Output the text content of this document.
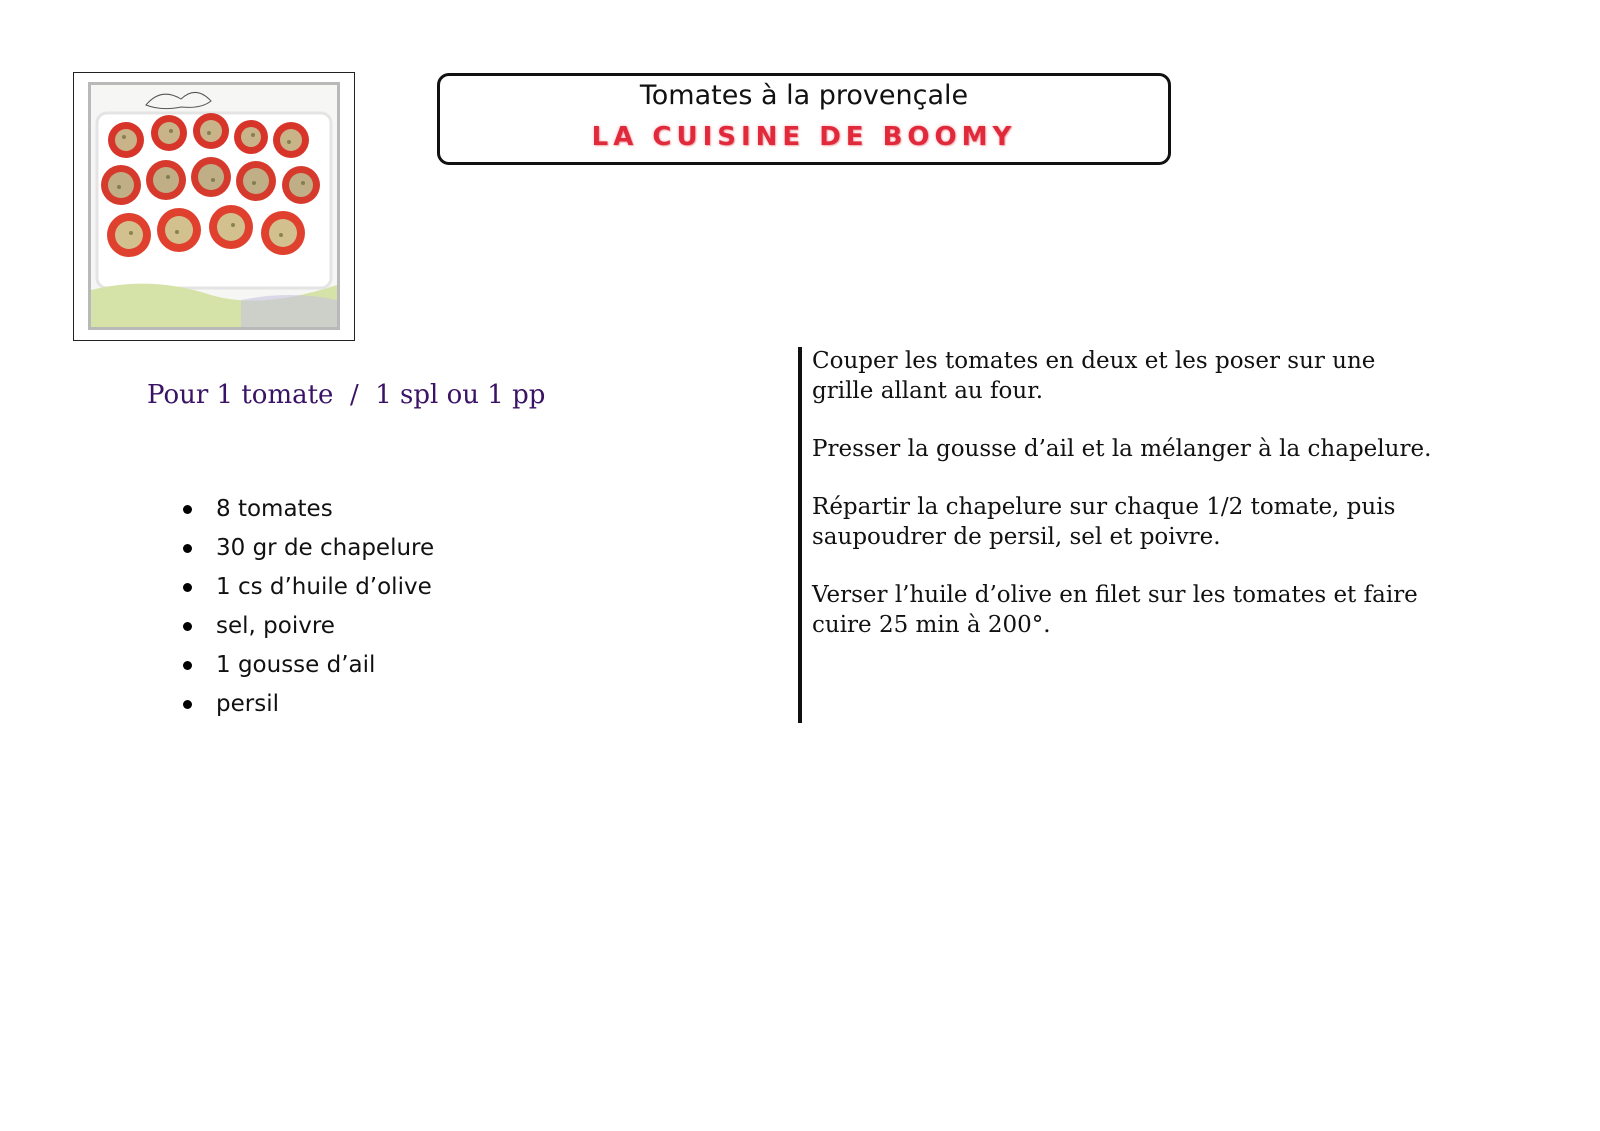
Tomates à la provençale
LA CUISINE DE BOOMY
Pour 1 tomate  /  1 spl ou 1 pp
8 tomates
30 gr de chapelure
1 cs d’huile d’olive
sel, poivre
1 gousse d’ail
persil

Couper les tomates en deux et les poser sur une grille allant au four.

Presser la gousse d’ail et la mélanger à la chapelure.

Répartir la chapelure sur chaque 1/2 tomate, puis saupoudrer de persil, sel et poivre.

Verser l’huile d’olive en filet sur les tomates et faire cuire 25 min à 200°.
